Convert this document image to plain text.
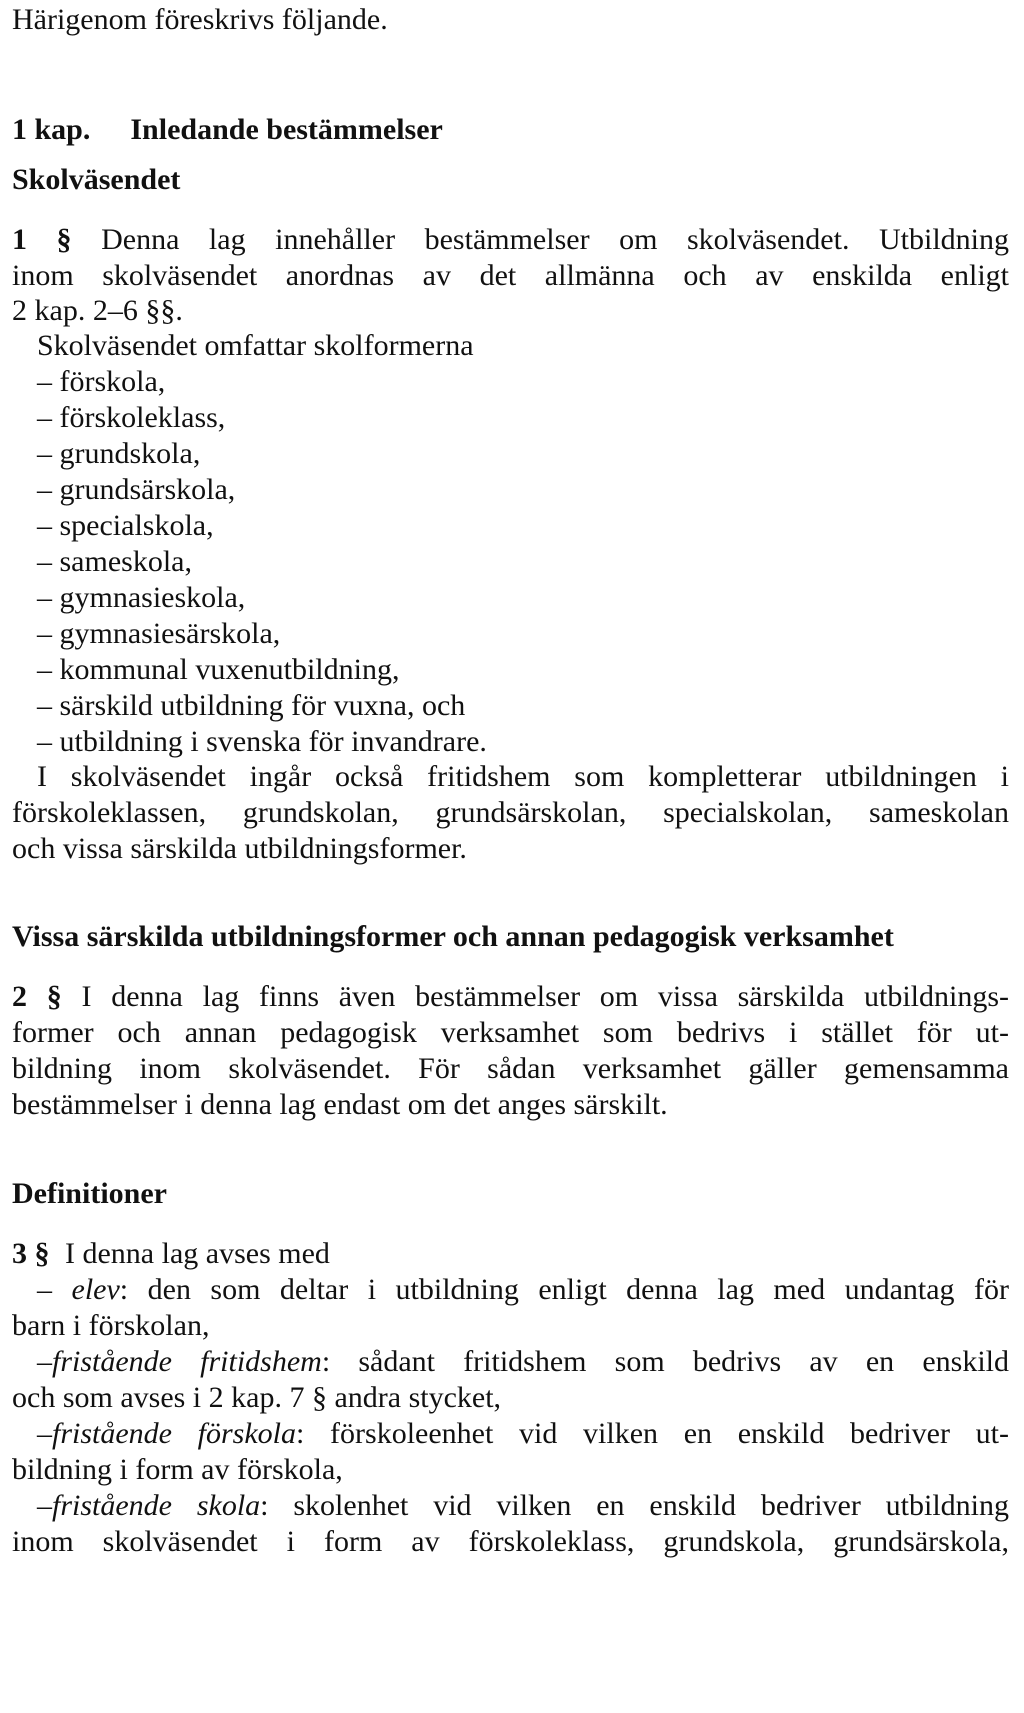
Härigenom föreskrivs följande.
1 kap. Inledande bestämmelser
Skolväsendet
1 § Denna lag innehåller bestämmelser om skolväsendet. Utbildning
inom skolväsendet anordnas av det allmänna och av enskilda enligt
2 kap. 2–6 §§.
Skolväsendet omfattar skolformerna
– förskola,
– förskoleklass,
– grundskola,
– grundsärskola,
– specialskola,
– sameskola,
– gymnasieskola,
– gymnasiesärskola,
– kommunal vuxenutbildning,
– särskild utbildning för vuxna, och
– utbildning i svenska för invandrare.
I skolväsendet ingår också fritidshem som kompletterar utbildningen i
förskoleklassen, grundskolan, grundsärskolan, specialskolan, sameskolan
och vissa särskilda utbildningsformer.
Vissa särskilda utbildningsformer och annan pedagogisk verksamhet
2 § I denna lag finns även bestämmelser om vissa särskilda utbildnings-
former och annan pedagogisk verksamhet som bedrivs i stället för ut-
bildning inom skolväsendet. För sådan verksamhet gäller gemensamma
bestämmelser i denna lag endast om det anges särskilt.
Definitioner
3 § I denna lag avses med
– elev: den som deltar i utbildning enligt denna lag med undantag för
barn i förskolan,
–fristående fritidshem: sådant fritidshem som bedrivs av en enskild
och som avses i 2 kap. 7 § andra stycket,
–fristående förskola: förskoleenhet vid vilken en enskild bedriver ut-
bildning i form av förskola,
–fristående skola: skolenhet vid vilken en enskild bedriver utbildning
inom skolväsendet i form av förskoleklass, grundskola, grundsärskola,
